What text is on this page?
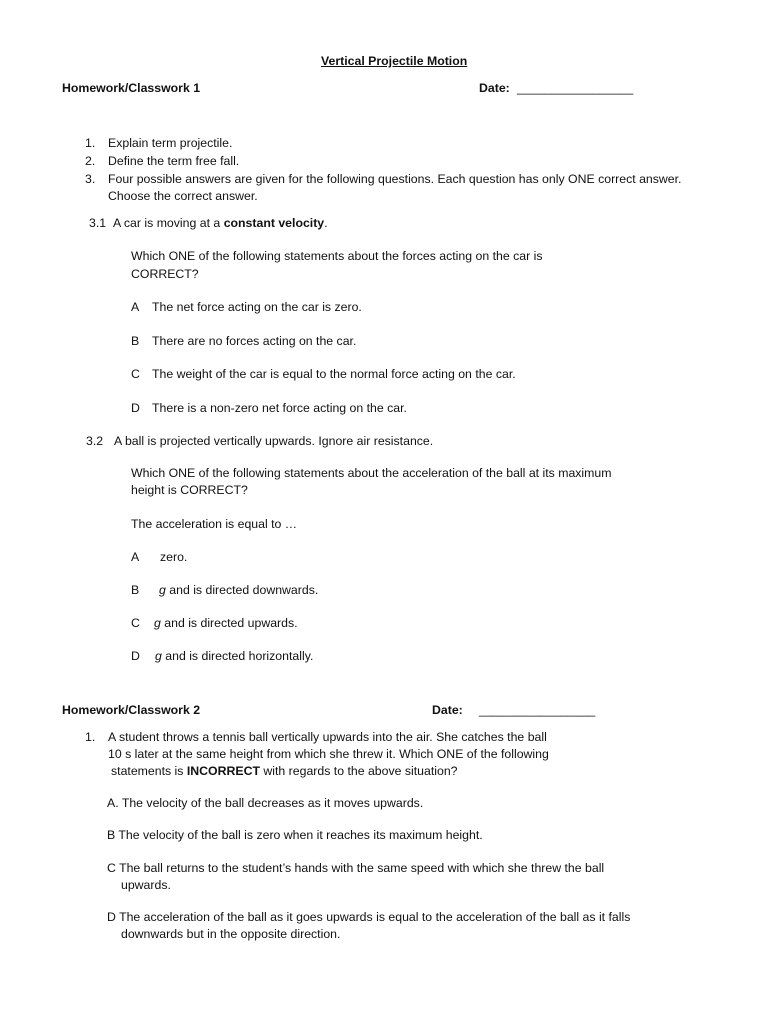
Vertical Projectile Motion
Homework/Classwork 1	Date: _________________
1. Explain term projectile.
2. Define the term free fall.
3. Four possible answers are given for the following questions. Each question has only ONE correct answer.
Choose the correct answer.
3.1 A car is moving at a constant velocity.
Which ONE of the following statements about the forces acting on the car is
CORRECT?
A The net force acting on the car is zero.
B There are no forces acting on the car.
C The weight of the car is equal to the normal force acting on the car.
D There is a non-zero net force acting on the car.
3.2 A ball is projected vertically upwards. Ignore air resistance.
Which ONE of the following statements about the acceleration of the ball at its maximum
height is CORRECT?
The acceleration is equal to …
A zero.
B g and is directed downwards.
C g and is directed upwards.
D g and is directed horizontally.
Homework/Classwork 2	Date: _________________
1. A student throws a tennis ball vertically upwards into the air. She catches the ball
10 s later at the same height from which she threw it. Which ONE of the following
statements is INCORRECT with regards to the above situation?
A. The velocity of the ball decreases as it moves upwards.
B The velocity of the ball is zero when it reaches its maximum height.
C The ball returns to the student’s hands with the same speed with which she threw the ball
upwards.
D The acceleration of the ball as it goes upwards is equal to the acceleration of the ball as it falls
downwards but in the opposite direction.
